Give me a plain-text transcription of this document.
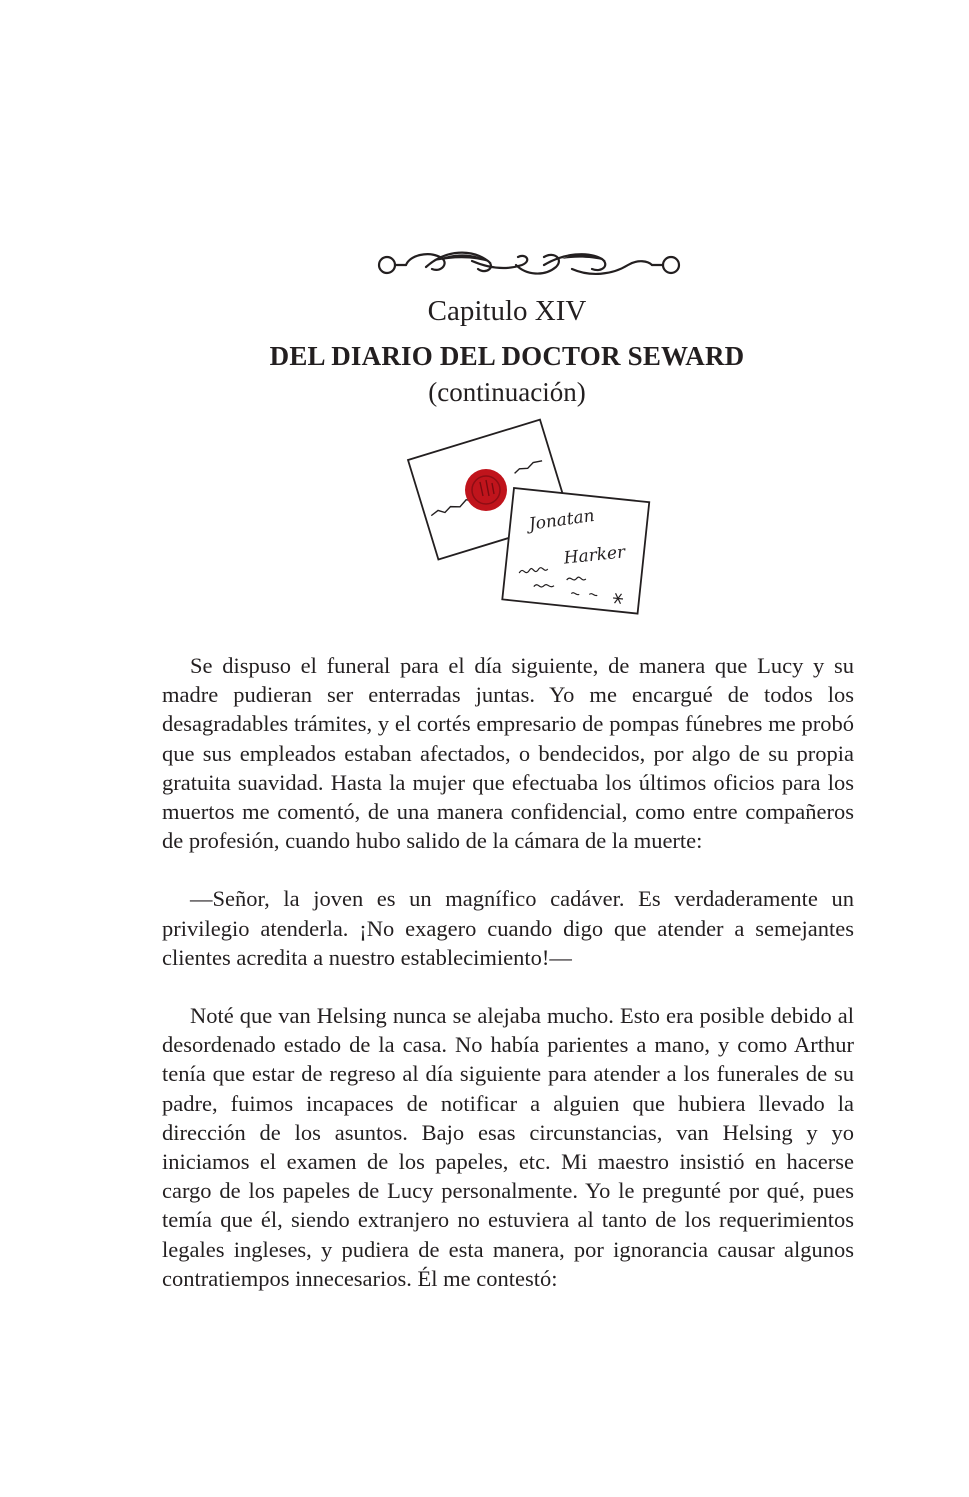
Capitulo XIV
DEL DIARIO DEL DOCTOR SEWARD
(continuación)
Jonatan
Harker

Se dispuso el funeral para el día siguiente, de manera que Lucy y su madre pudieran ser enterradas juntas. Yo me encargué de todos los desagradables trámites, y el cortés empresario de pompas fúnebres me probó que sus empleados estaban afectados, o bendecidos, por algo de su propia gratuita suavidad. Hasta la mujer que efectuaba los últimos oficios para los muertos me comentó, de una manera confidencial, como entre compañeros de profesión, cuando hubo salido de la cámara de la muerte:

—Señor, la joven es un magnífico cadáver. Es verdaderamente un privilegio atenderla. ¡No exagero cuando digo que atender a semejantes clientes acredita a nuestro establecimiento!—

Noté que van Helsing nunca se alejaba mucho. Esto era posible debido al desordenado estado de la casa. No había parientes a mano, y como Arthur tenía que estar de regreso al día siguiente para atender a los funerales de su padre, fuimos incapaces de notificar a alguien que hubiera llevado la dirección de los asuntos. Bajo esas circunstancias, van Helsing y yo iniciamos el examen de los papeles, etc. Mi maestro insistió en hacerse cargo de los papeles de Lucy personalmente. Yo le pregunté por qué, pues temía que él, siendo extranjero no estuviera al tanto de los requerimientos legales ingleses, y pudiera de esta manera, por ignorancia causar algunos contratiempos innecesarios. Él me contestó:
